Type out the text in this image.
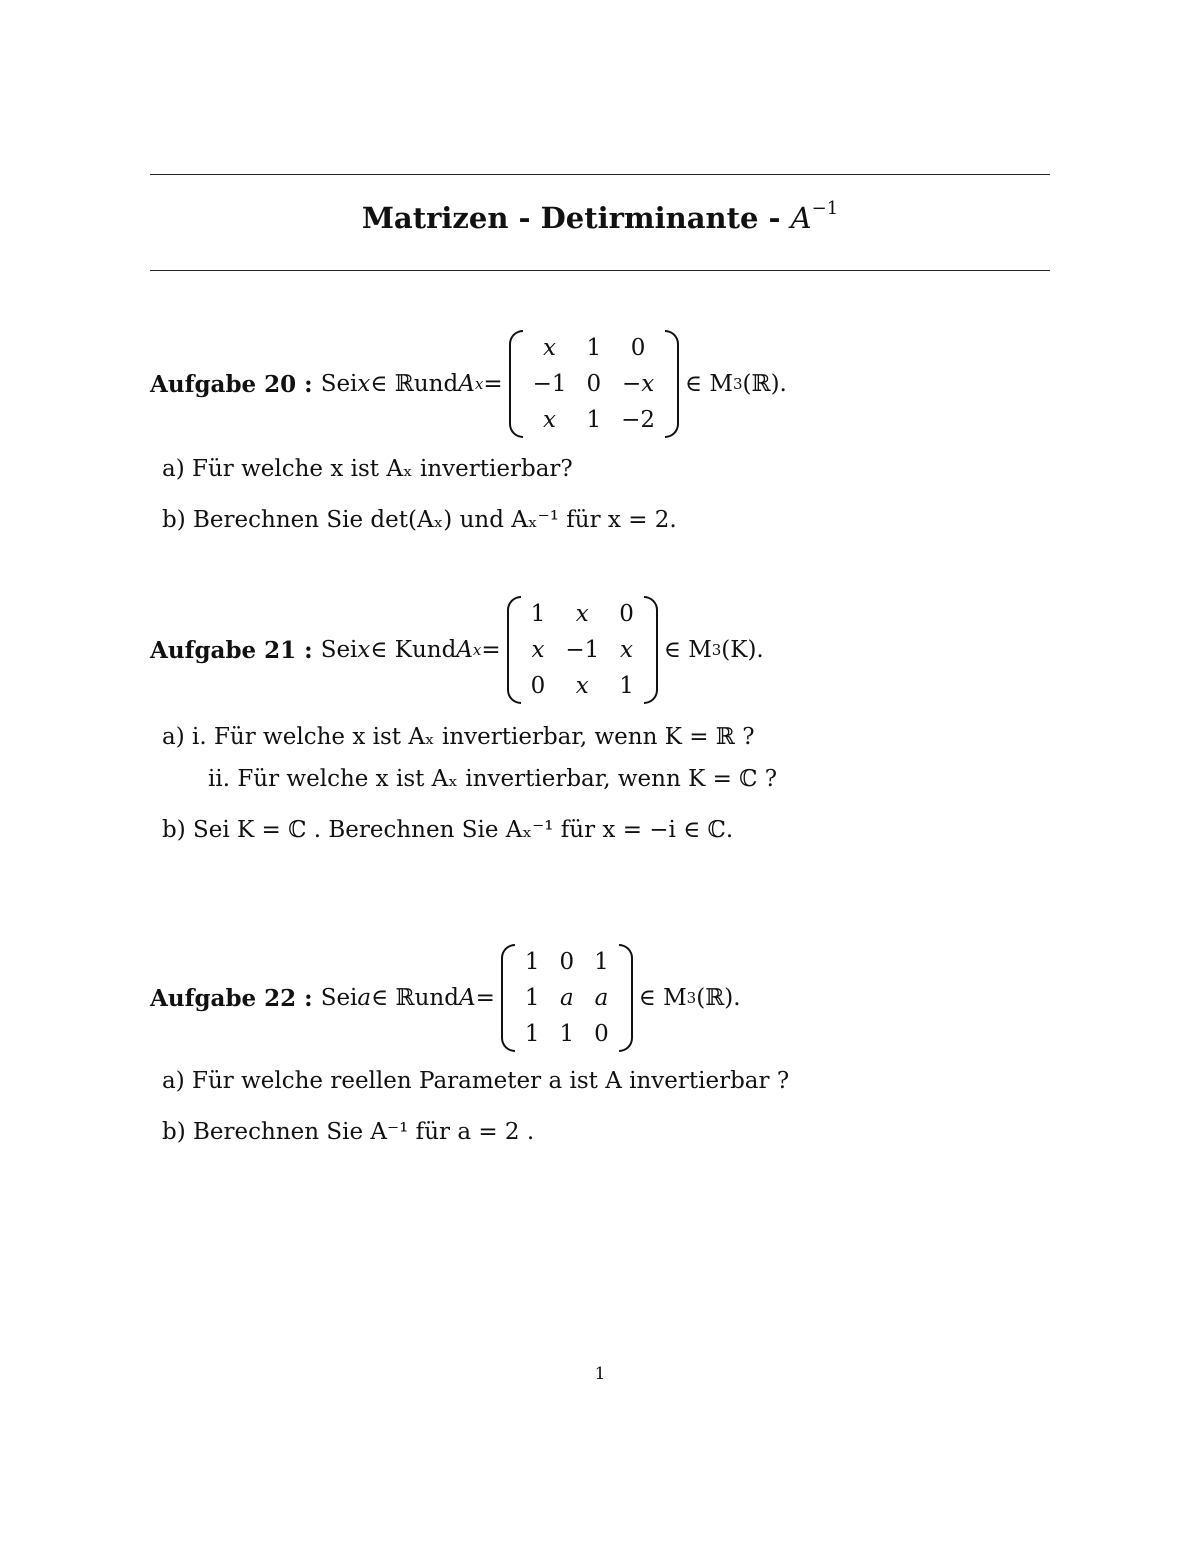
Matrizen - Detirminante - $A^{-1}$
Aufgabe 20 : Sei x ∈ ℝ und A x =
x	1	0
−1	0	−x
x	1	−2
∈ M 3 (ℝ).
a) Für welche x ist Aₓ invertierbar?
b) Berechnen Sie det(Aₓ) und Aₓ⁻¹ für x = 2.
Aufgabe 21 : Sei x ∈ K und A x =
1	x	0
x	−1	x
0	x	1
∈ M 3 (K).
a) i. Für welche x ist Aₓ invertierbar, wenn K = ℝ ?
ii. Für welche x ist Aₓ invertierbar, wenn K = ℂ ?
b) Sei K = ℂ . Berechnen Sie Aₓ⁻¹ für x = −i ∈ ℂ.
Aufgabe 22 : Sei a ∈ ℝ und A =
1	0	1
1	a	a
1	1	0
∈ M 3 (ℝ).
a) Für welche reellen Parameter a ist A invertierbar ?
b) Berechnen Sie A⁻¹ für a = 2 .
1
